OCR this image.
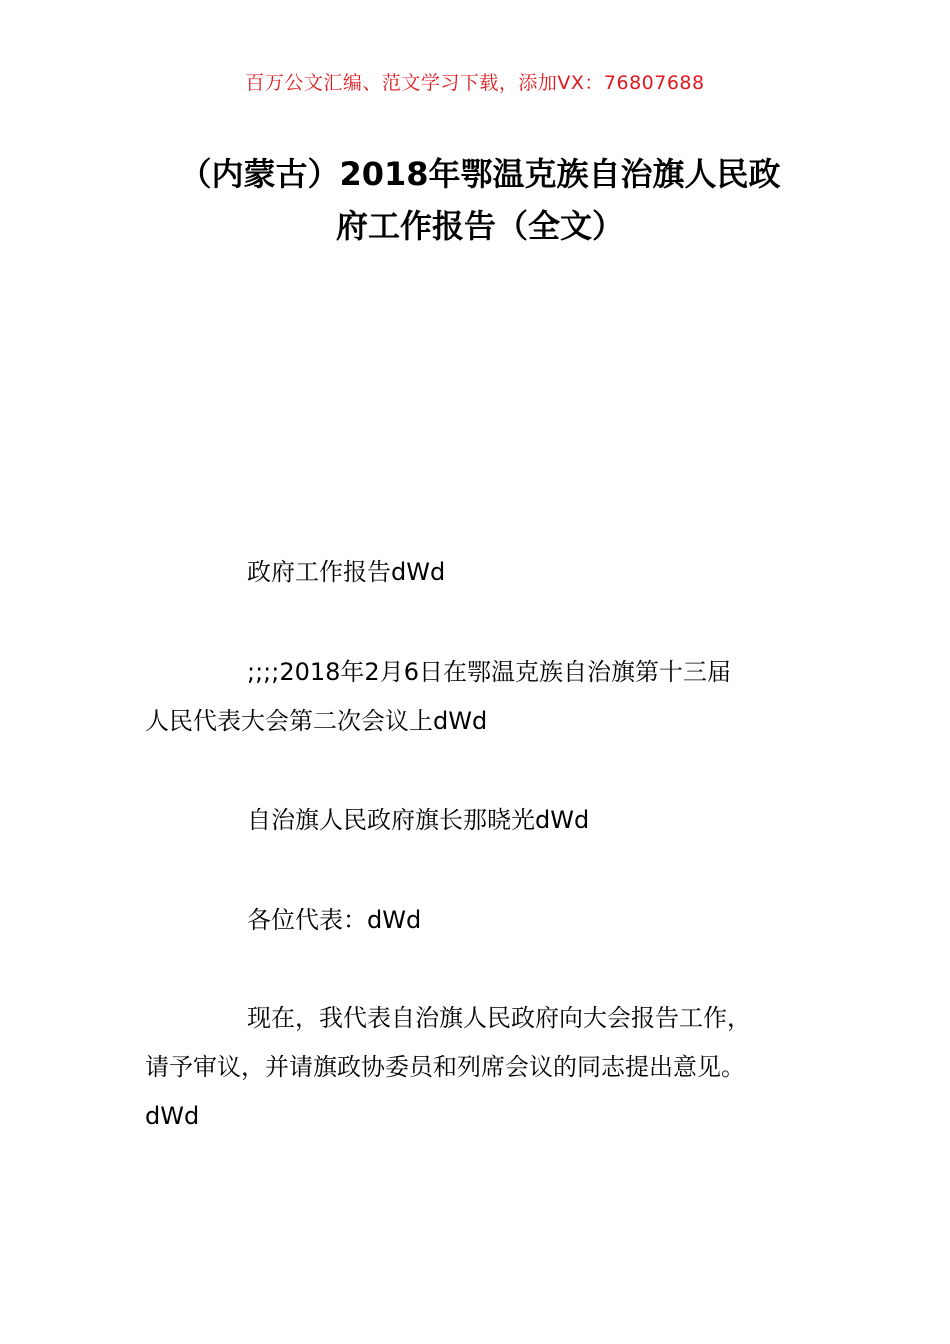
百万公文汇编、范文学习下载，添加VX：76807688
（内蒙古）2018年鄂温克族自治旗人民政
府工作报告（全文）

政府工作报告dWd

;;;;2018年2月6日在鄂温克族自治旗第十三届
人民代表大会第二次会议上dWd

自治旗人民政府旗长那晓光dWd

各位代表：dWd

现在，我代表自治旗人民政府向大会报告工作，
请予审议，并请旗政协委员和列席会议的同志提出意见。
dWd
